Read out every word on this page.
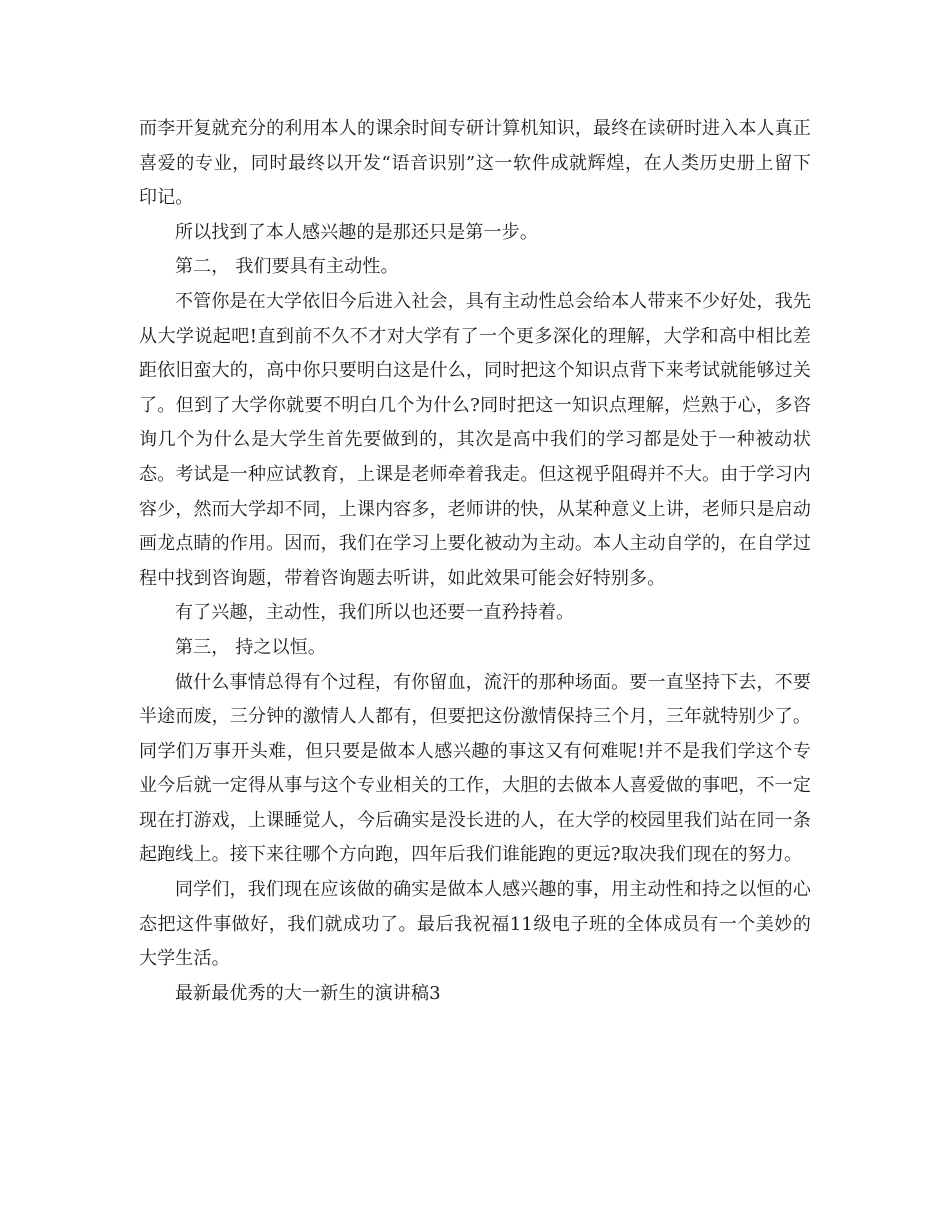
而李开复就充分的利用本人的课余时间专研计算机知识，最终在读研时进入本人真正喜爱的专业，同时最终以开发“语音识别”这一软件成就辉煌，在人类历史册上留下印记。

所以找到了本人感兴趣的是那还只是第一步。

第二， 我们要具有主动性。

不管你是在大学依旧今后进入社会，具有主动性总会给本人带来不少好处，我先从大学说起吧!直到前不久不才对大学有了一个更多深化的理解，大学和高中相比差距依旧蛮大的，高中你只要明白这是什么，同时把这个知识点背下来考试就能够过关了。但到了大学你就要不明白几个为什么?同时把这一知识点理解，烂熟于心，多咨询几个为什么是大学生首先要做到的，其次是高中我们的学习都是处于一种被动状态。考试是一种应试教育，上课是老师牵着我走。但这视乎阻碍并不大。由于学习内容少，然而大学却不同，上课内容多，老师讲的快，从某种意义上讲，老师只是启动画龙点睛的作用。因而，我们在学习上要化被动为主动。本人主动自学的，在自学过程中找到咨询题，带着咨询题去听讲，如此效果可能会好特别多。

有了兴趣，主动性，我们所以也还要一直矜持着。

第三， 持之以恒。

做什么事情总得有个过程，有你留血，流汗的那种场面。要一直坚持下去，不要半途而废，三分钟的激情人人都有，但要把这份激情保持三个月，三年就特别少了。同学们万事开头难，但只要是做本人感兴趣的事这又有何难呢!并不是我们学这个专业今后就一定得从事与这个专业相关的工作，大胆的去做本人喜爱做的事吧，不一定现在打游戏，上课睡觉人，今后确实是没长进的人，在大学的校园里我们站在同一条起跑线上。接下来往哪个方向跑，四年后我们谁能跑的更远?取决我们现在的努力。

同学们，我们现在应该做的确实是做本人感兴趣的事，用主动性和持之以恒的心态把这件事做好，我们就成功了。最后我祝福11级电子班的全体成员有一个美妙的大学生活。

最新最优秀的大一新生的演讲稿3
